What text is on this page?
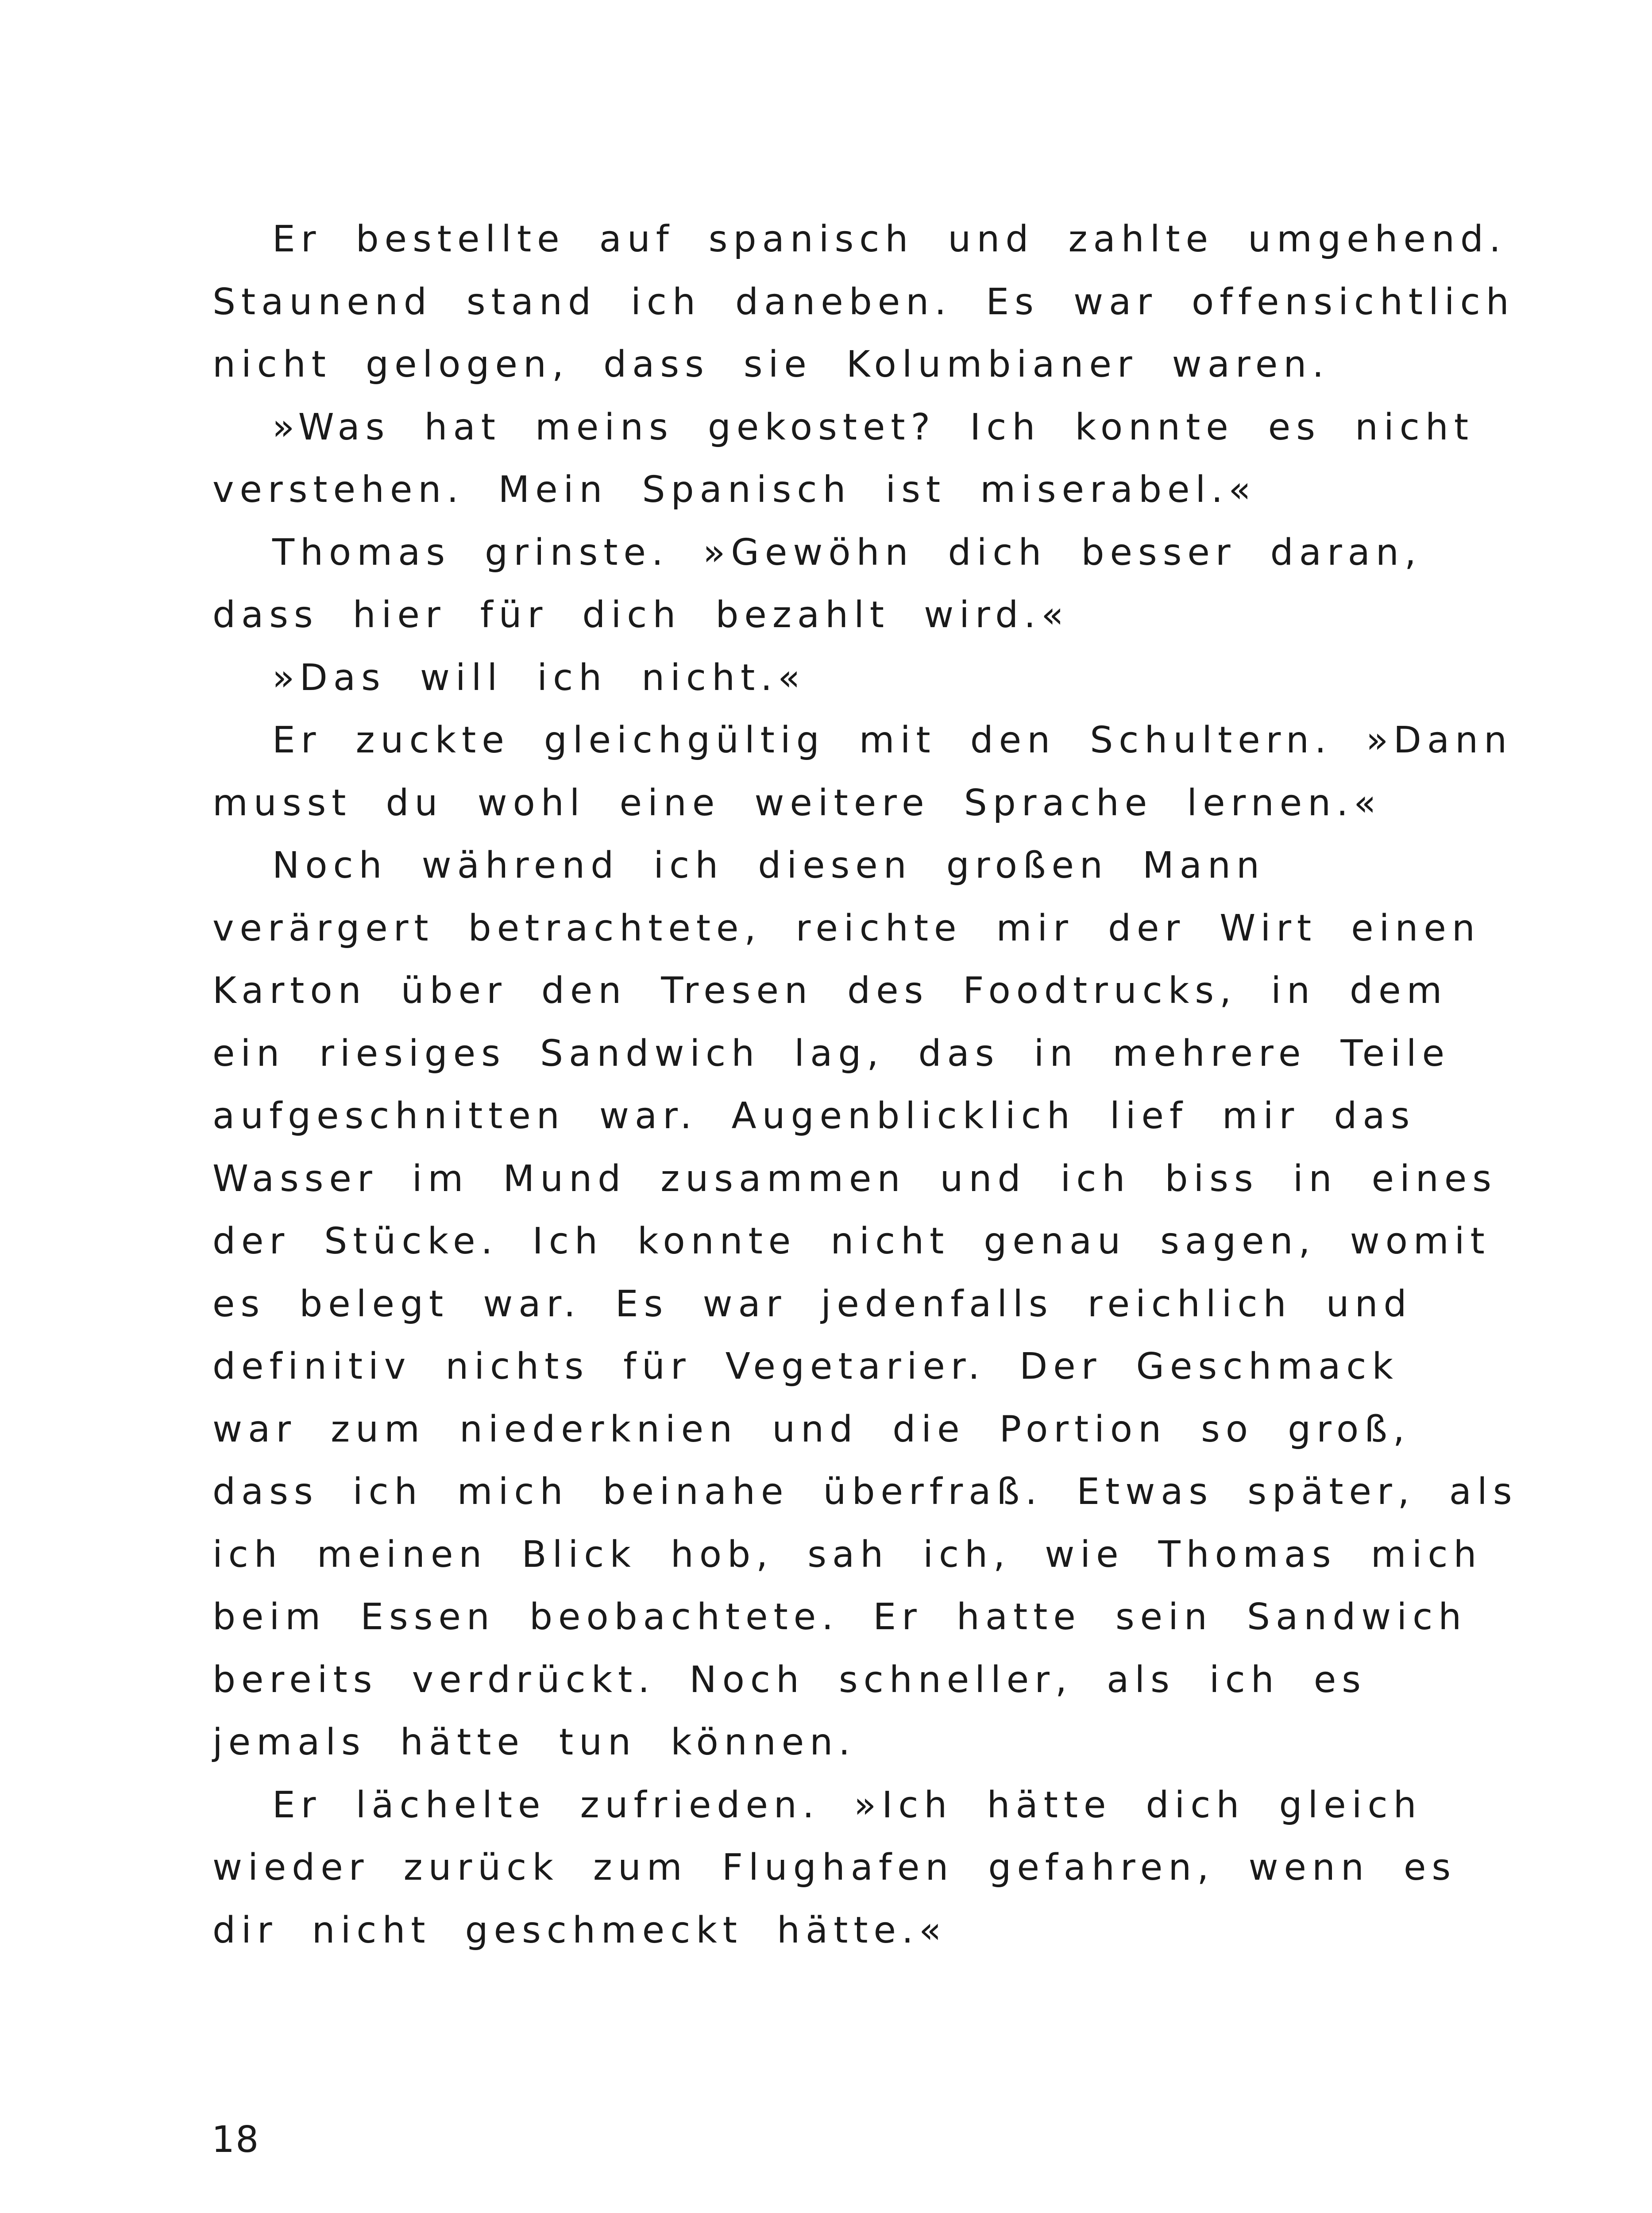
Er bestellte auf spanisch und zahlte umgehend.
Staunend stand ich daneben. Es war offensichtlich
nicht gelogen, dass sie Kolumbianer waren.
»Was hat meins gekostet? Ich konnte es nicht
verstehen. Mein Spanisch ist miserabel.«
Thomas grinste. »Gewöhn dich besser daran,
dass hier für dich bezahlt wird.«
»Das will ich nicht.«
Er zuckte gleichgültig mit den Schultern. »Dann
musst du wohl eine weitere Sprache lernen.«
Noch während ich diesen großen Mann
verärgert betrachtete, reichte mir der Wirt einen
Karton über den Tresen des Foodtrucks, in dem
ein riesiges Sandwich lag, das in mehrere Teile
aufgeschnitten war. Augenblicklich lief mir das
Wasser im Mund zusammen und ich biss in eines
der Stücke. Ich konnte nicht genau sagen, womit
es belegt war. Es war jedenfalls reichlich und
definitiv nichts für Vegetarier. Der Geschmack
war zum niederknien und die Portion so groß,
dass ich mich beinahe überfraß. Etwas später, als
ich meinen Blick hob, sah ich, wie Thomas mich
beim Essen beobachtete. Er hatte sein Sandwich
bereits verdrückt. Noch schneller, als ich es
jemals hätte tun können.
Er lächelte zufrieden. »Ich hätte dich gleich
wieder zurück zum Flughafen gefahren, wenn es
dir nicht geschmeckt hätte.«
18
